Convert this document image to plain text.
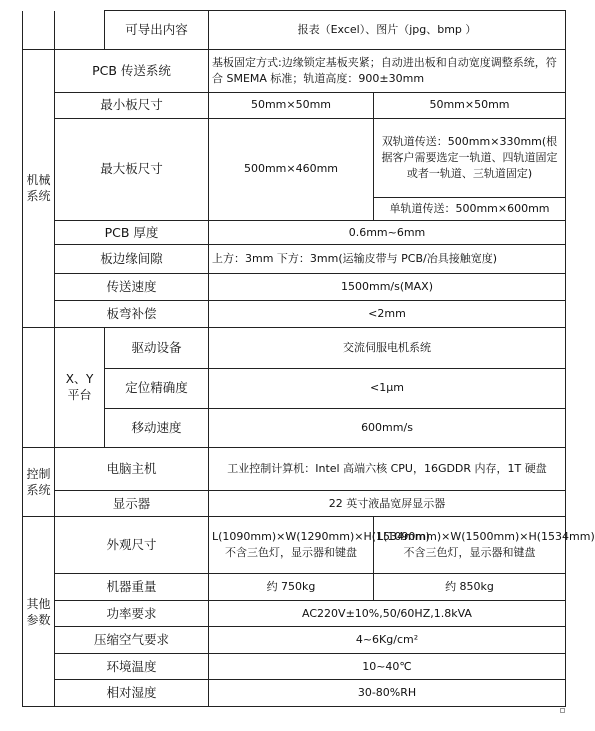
		可导出内容	报表（Excel）、图片（jpg、bmp ）	
机械系统	PCB 传送系统		基板固定方式:边缘锁定基板夹紧；自动进出板和自动宽度调整系统，符合 SMEMA 标准；轨道高度：900±30mm	
	最小板尺寸		50mm×50mm	50mm×50mm
	最大板尺寸		500mm×460mm	双轨道传送：500mm×330mm(根据客户需要选定一轨道、四轨道固定或者一轨道、三轨道固定)
				单轨道传送：500mm×600mm
	PCB 厚度		0.6mm~6mm	
	板边缘间隙		上方：3mm 下方：3mm(运输皮带与 PCB/冶具接触宽度)	
	传送速度		1500mm/s(MAX)	
	板弯补偿		<2mm	
	X、Y 平台	驱动设备	交流伺服电机系统	
		定位精确度	<1μm	
		移动速度	600mm/s	
控制系统	电脑主机		工业控制计算机：Intel 高端六核 CPU，16GDDR 内存，1T 硬盘	
	显示器		22 英寸液晶宽屏显示器	
其他参数	外观尺寸		L(1090mm)×W(1290mm)×H(1534mm)不含三色灯，显示器和键盘	L(1090mm)×W(1500mm)×H(1534mm)不含三色灯，显示器和键盘
	机器重量		约 750kg	约 850kg
	功率要求		AC220V±10%,50/60HZ,1.8kVA	
	压缩空气要求		4~6Kg/cm²	
	环境温度		10~40℃	
	相对湿度		30-80%RH	
